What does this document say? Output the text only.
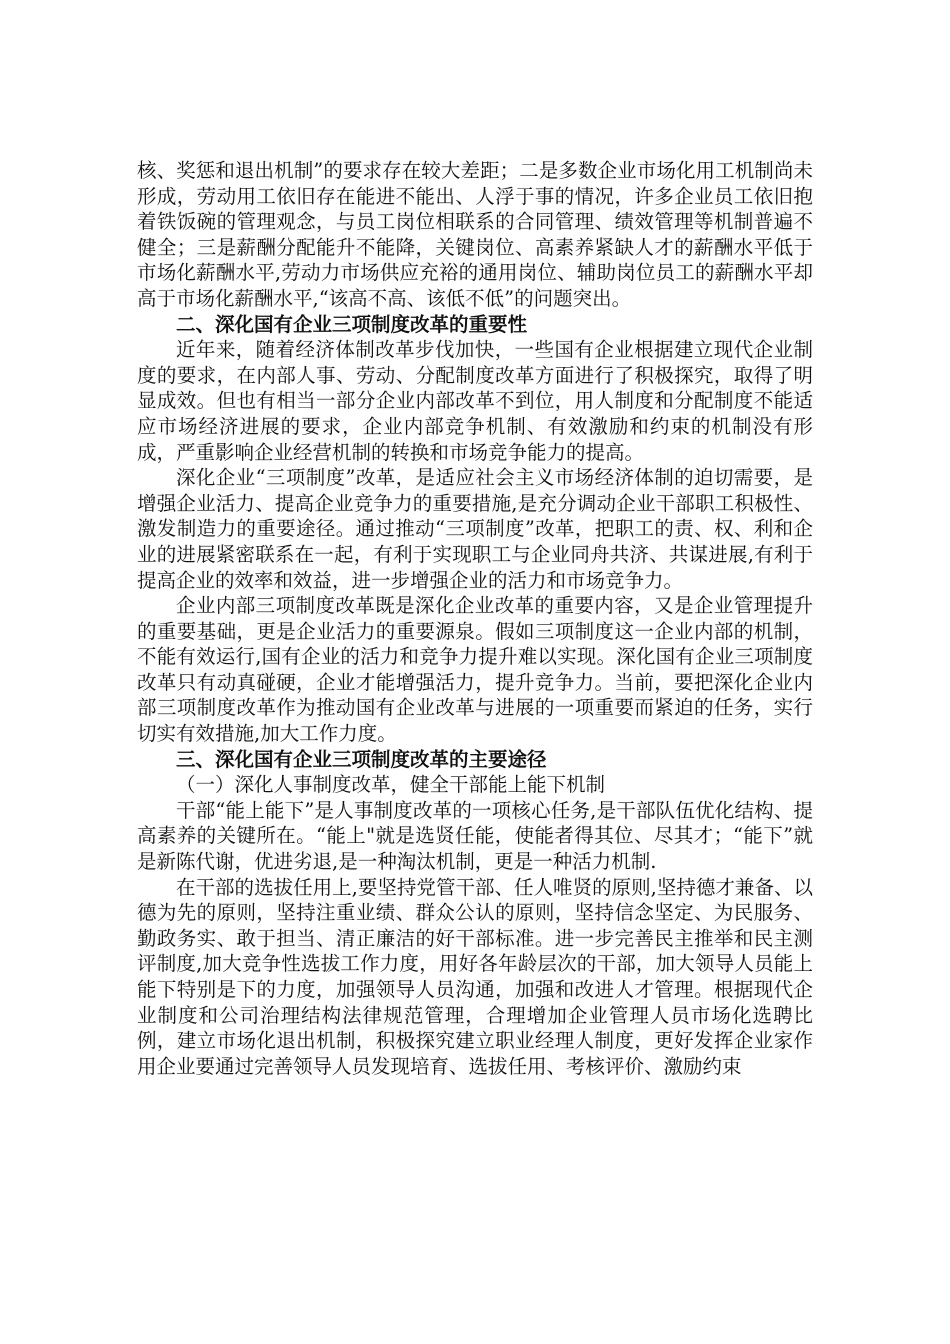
核、奖惩和退出机制”的要求存在较大差距；二是多数企业市场化用工机制尚未形成，劳动用工依旧存在能进不能出、人浮于事的情况，许多企业员工依旧抱着铁饭碗的管理观念，与员工岗位相联系的合同管理、绩效管理等机制普遍不健全；三是薪酬分配能升不能降，关键岗位、高素养紧缺人才的薪酬水平低于市场化薪酬水平,劳动力市场供应充裕的通用岗位、辅助岗位员工的薪酬水平却高于市场化薪酬水平,“该高不高、该低不低”的问题突出。

二、深化国有企业三项制度改革的重要性

近年来，随着经济体制改革步伐加快，一些国有企业根据建立现代企业制度的要求，在内部人事、劳动、分配制度改革方面进行了积极探究，取得了明显成效。但也有相当一部分企业内部改革不到位，用人制度和分配制度不能适应市场经济进展的要求，企业内部竞争机制、有效激励和约束的机制没有形成，严重影响企业经营机制的转换和市场竞争能力的提高。

深化企业“三项制度”改革，是适应社会主义市场经济体制的迫切需要，是增强企业活力、提高企业竞争力的重要措施,是充分调动企业干部职工积极性、激发制造力的重要途径。通过推动“三项制度”改革，把职工的责、权、利和企业的进展紧密联系在一起，有利于实现职工与企业同舟共济、共谋进展,有利于提高企业的效率和效益，进一步增强企业的活力和市场竞争力。

企业内部三项制度改革既是深化企业改革的重要内容，又是企业管理提升的重要基础，更是企业活力的重要源泉。假如三项制度这一企业内部的机制，不能有效运行,国有企业的活力和竞争力提升难以实现。深化国有企业三项制度改革只有动真碰硬，企业才能增强活力，提升竞争力。当前，要把深化企业内部三项制度改革作为推动国有企业改革与进展的一项重要而紧迫的任务，实行切实有效措施,加大工作力度。

三、深化国有企业三项制度改革的主要途径

（一）深化人事制度改革，健全干部能上能下机制

干部“能上能下”是人事制度改革的一项核心任务,是干部队伍优化结构、提高素养的关键所在。“能上"就是选贤任能，使能者得其位、尽其才；“能下”就是新陈代谢，优进劣退,是一种淘汰机制，更是一种活力机制.

在干部的选拔任用上,要坚持党管干部、任人唯贤的原则,坚持德才兼备、以德为先的原则，坚持注重业绩、群众公认的原则，坚持信念坚定、为民服务、勤政务实、敢于担当、清正廉洁的好干部标准。进一步完善民主推举和民主测评制度,加大竞争性选拔工作力度，用好各年龄层次的干部，加大领导人员能上能下特别是下的力度，加强领导人员沟通，加强和改进人才管理。根据现代企业制度和公司治理结构法律规范管理，合理增加企业管理人员市场化选聘比例，建立市场化退出机制，积极探究建立职业经理人制度，更好发挥企业家作用企业要通过完善领导人员发现培育、选拔任用、考核评价、激励约束
